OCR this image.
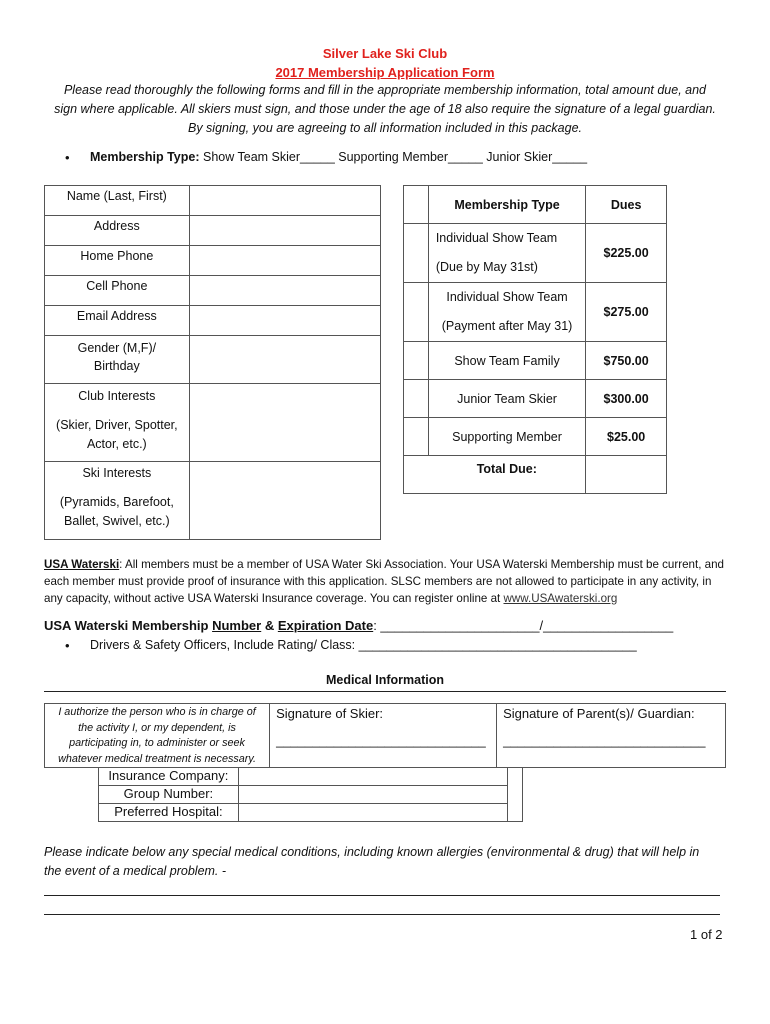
Silver Lake Ski Club
2017 Membership Application Form
Please read thoroughly the following forms and fill in the appropriate membership information, total amount due, and
sign where applicable. All skiers must sign, and those under the age of 18 also require the signature of a legal guardian.
By signing, you are agreeing to all information included in this package.
• Membership Type: Show Team Skier_____ Supporting Member_____ Junior Skier_____
Name (Last, First)	
Address	
Home Phone	
Cell Phone	
Email Address	

Gender (M,F)/
Birthday	

Club Interests
(Skier, Driver, Spotter,
Actor, etc.)	

Ski Interests
(Pyramids, Barefoot,
Ballet, Swivel, etc.)	

	Membership Type	Dues

	Individual Show Team
(Due by May 31st)	$225.00

	Individual Show Team
(Payment after May 31)	$275.00
	Show Team Family	$750.00
	Junior Team Skier	$300.00
	Supporting Member	$25.00
	Total Due:	
USA Waterski: All members must be a member of USA Water Ski Association. Your USA Waterski Membership must be current, and
each member must provide proof of insurance with this application. SLSC members are not allowed to participate in any activity, in
any capacity, without active USA Waterski Insurance coverage. You can register online at www.USAwaterski.org
USA Waterski Membership Number & Expiration Date: ______________________/__________________
• Drivers & Safety Officers, Include Rating/ Class: ________________________________________
Medical Information
I authorize the person who is in charge of
the activity I, or my dependent, is
participating in, to administer or seek
whatever medical treatment is necessary.

Signature of Skier:
_____________________________

Signature of Parent(s)/ Guardian:
____________________________
Insurance Company:		
Group Number:		
Preferred Hospital:		
Please indicate below any special medical conditions, including known allergies (environmental & drug) that will help in
the event of a medical problem. -
1 of 2
